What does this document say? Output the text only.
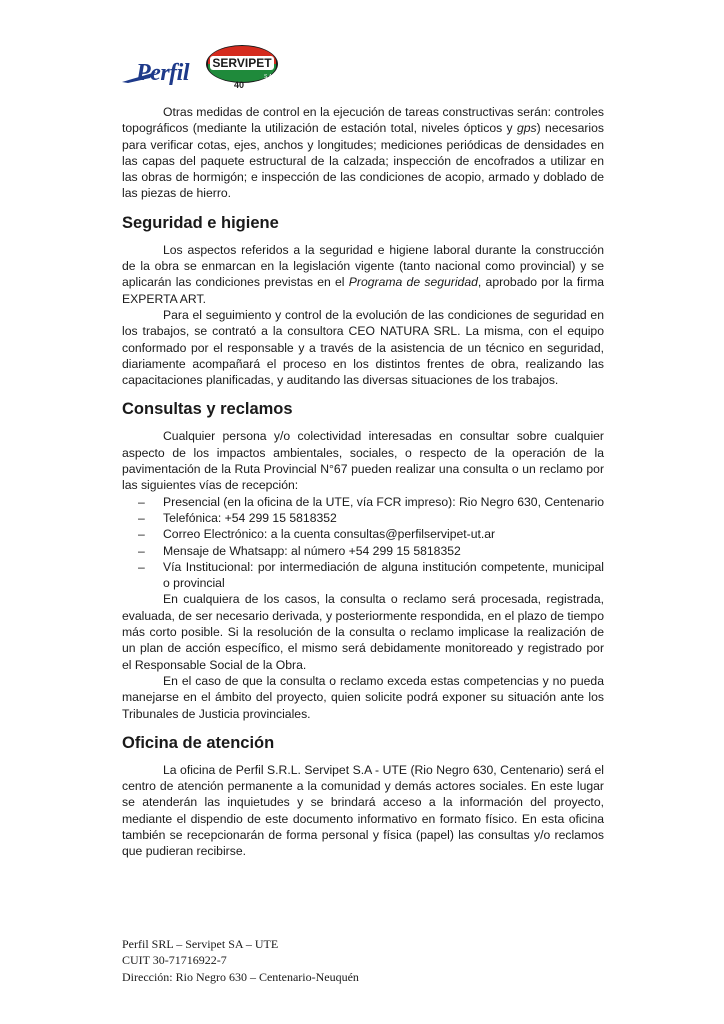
Perfil SERVIPET
S.A.
40

Otras medidas de control en la ejecución de tareas constructivas serán: controles topográficos (mediante la utilización de estación total, niveles ópticos y gps) necesarios para verificar cotas, ejes, anchos y longitudes; mediciones periódicas de densidades en las capas del paquete estructural de la calzada; inspección de encofrados a utilizar en las obras de hormigón; e inspección de las condiciones de acopio, armado y doblado de las piezas de hierro.

Seguridad e higiene

Los aspectos referidos a la seguridad e higiene laboral durante la construcción de la obra se enmarcan en la legislación vigente (tanto nacional como provincial) y se aplicarán las condiciones previstas en el Programa de seguridad, aprobado por la firma EXPERTA ART.

Para el seguimiento y control de la evolución de las condiciones de seguridad en los trabajos, se contrató a la consultora CEO NATURA SRL. La misma, con el equipo conformado por el responsable y a través de la asistencia de un técnico en seguridad, diariamente acompañará el proceso en los distintos frentes de obra, realizando las capacitaciones planificadas, y auditando las diversas situaciones de los trabajos.

Consultas y reclamos

Cualquier persona y/o colectividad interesadas en consultar sobre cualquier aspecto de los impactos ambientales, sociales, o respecto de la operación de la pavimentación de la Ruta Provincial N°67 pueden realizar una consulta o un reclamo por las siguientes vías de recepción:

– Presencial (en la oficina de la UTE, vía FCR impreso): Rio Negro 630, Centenario
– Telefónica: +54 299 15 5818352
– Correo Electrónico: a la cuenta consultas@perfilservipet-ut.ar
– Mensaje de Whatsapp: al número +54 299 15 5818352
– Vía Institucional: por intermediación de alguna institución competente, municipal o provincial

En cualquiera de los casos, la consulta o reclamo será procesada, registrada, evaluada, de ser necesario derivada, y posteriormente respondida, en el plazo de tiempo más corto posible. Si la resolución de la consulta o reclamo implicase la realización de un plan de acción específico, el mismo será debidamente monitoreado y registrado por el Responsable Social de la Obra.

En el caso de que la consulta o reclamo exceda estas competencias y no pueda manejarse en el ámbito del proyecto, quien solicite podrá exponer su situación ante los Tribunales de Justicia provinciales.

Oficina de atención

La oficina de Perfil S.R.L. Servipet S.A - UTE (Rio Negro 630, Centenario) será el centro de atención permanente a la comunidad y demás actores sociales. En este lugar se atenderán las inquietudes y se brindará acceso a la información del proyecto, mediante el dispendio de este documento informativo en formato físico. En esta oficina también se recepcionarán de forma personal y física (papel) las consultas y/o reclamos que pudieran recibirse.

Perfil SRL – Servipet SA – UTE
CUIT 30-71716922-7
Dirección: Rio Negro 630 – Centenario-Neuquén
